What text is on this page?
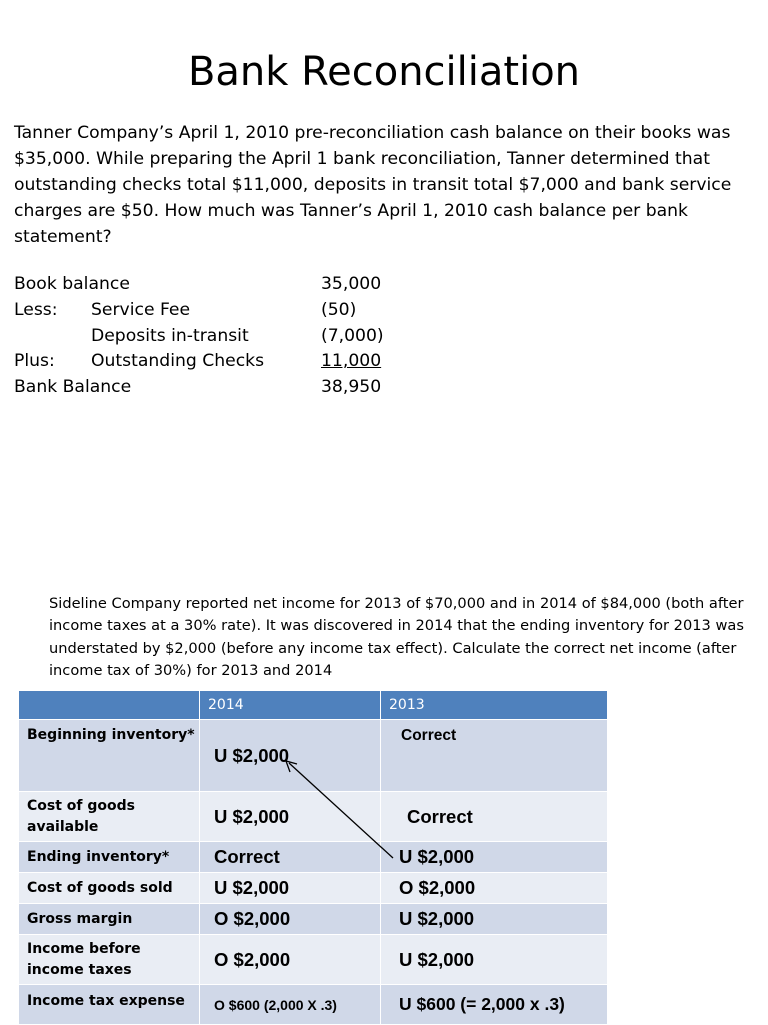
Bank Reconciliation
Tanner Company’s April 1, 2010 pre-reconciliation cash balance on their books was $35,000. While preparing the April 1 bank reconciliation, Tanner determined that outstanding checks total $11,000, deposits in transit total $7,000 and bank service charges are $50. How much was Tanner’s April 1, 2010 cash balance per bank statement?
Book balance	35,000
Less: Service Fee	(50)
Deposits in-transit	(7,000)
Plus: Outstanding Checks	11,000
Bank Balance	38,950
Sideline Company reported net income for 2013 of $70,000 and in 2014 of $84,000 (both after income taxes at a 30% rate). It was discovered in 2014 that the ending inventory for 2013 was understated by $2,000 (before any income tax effect). Calculate the correct net income (after income tax of 30%) for 2013 and 2014
	2014	2013
Beginning inventory*	U $2,000	Correct
Cost of goods available	U $2,000	Correct
Ending inventory*	Correct	U $2,000
Cost of goods sold	U $2,000	O $2,000
Gross margin	O $2,000	U $2,000
Income before income taxes	O $2,000	U $2,000
Income tax expense	O $600 (2,000 X .3)	U $600 (= 2,000 x .3)
